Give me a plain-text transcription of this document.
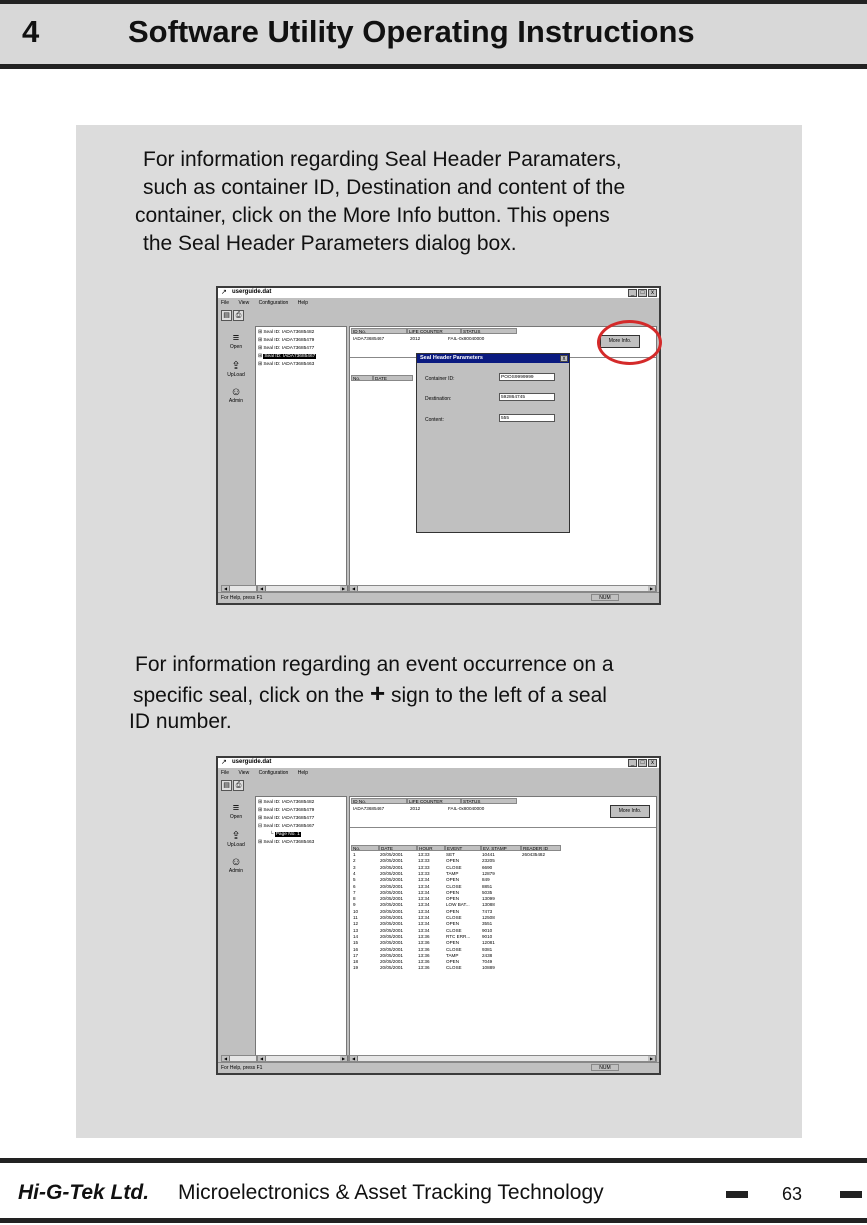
4	Software Utility Operating Instructions
For information regarding Seal Header Paramaters,
such as container ID, Destination and content of the
container, click on the More Info button. This opens
the Seal Header Parameters dialog box.
↗ userguide.dat	_	□	x
File View Configuration Help
▤ ⎙
≡
Open
⇪
UpLoad
☺
Admin
⊞ Seal ID: IADA73685482
⊞ Seal ID: IADA73685479
⊞ Seal ID: IADA73685477
⊞ Seal ID: IADA73685467
⊞ Seal ID: IADA73685463
ID No.	LIFE COUNTER	STATUS
IADA73685467	2012	FAIL-0x80040000
No.	DATE
More Info.
Seal Header Parameters	x
Container ID:	POOS9999999
Destination:	592864745
Content:	555
◀	◀	▶	◀	▶
For Help, press F1	NUM
For information regarding an event occurrence on a
specific seal, click on the + sign to the left of a seal
ID number.
↗ userguide.dat	_	□	x
File View Configuration Help
▤ ⎙
≡
Open
⇪
UpLoad
☺
Admin
⊞ Seal ID: IADA73685482
⊞ Seal ID: IADA73685479
⊞ Seal ID: IADA73685477
⊟ Seal ID: IADA73685467
└ Page No. 1
⊞ Seal ID: IADA73685463
ID No.	LIFE COUNTER	STATUS
IADA73685467	2012	FAIL-0x80040000	More Info.
No.	DATE	HOUR	EVENT	EV. STAMP	READER ID
1	20/05/2001	13:33	SET	10441	260435482
2	20/05/2001	13:33	OPEN	23205
3	20/05/2001	13:33	CLOSE	6690
4	20/05/2001	13:33	TAMP	12879
5	20/05/2001	13:34	OPEN	849
6	20/05/2001	13:34	CLOSE	8851
7	20/05/2001	13:34	OPEN	5035
8	20/05/2001	13:34	OPEN	13099
9	20/05/2001	13:34	LOW BAT...	13088
10	20/05/2001	13:34	OPEN	7473
11	20/05/2001	13:34	CLOSE	12508
12	20/05/2001	13:34	OPEN	3551
13	20/05/2001	13:34	CLOSE	9010
14	20/05/2001	13:36	RTC ERR...	9010
15	20/05/2001	13:36	OPEN	12081
16	20/05/2001	13:36	CLOSE	9381
17	20/05/2001	13:36	TAMP	2438
18	20/05/2001	13:36	OPEN	7049
19	20/05/2001	13:36	CLOSE	10889
◀	◀	▶	◀	▶
For Help, press F1	NUM
Hi-G-Tek Ltd. Microelectronics & Asset Tracking Technology	63
